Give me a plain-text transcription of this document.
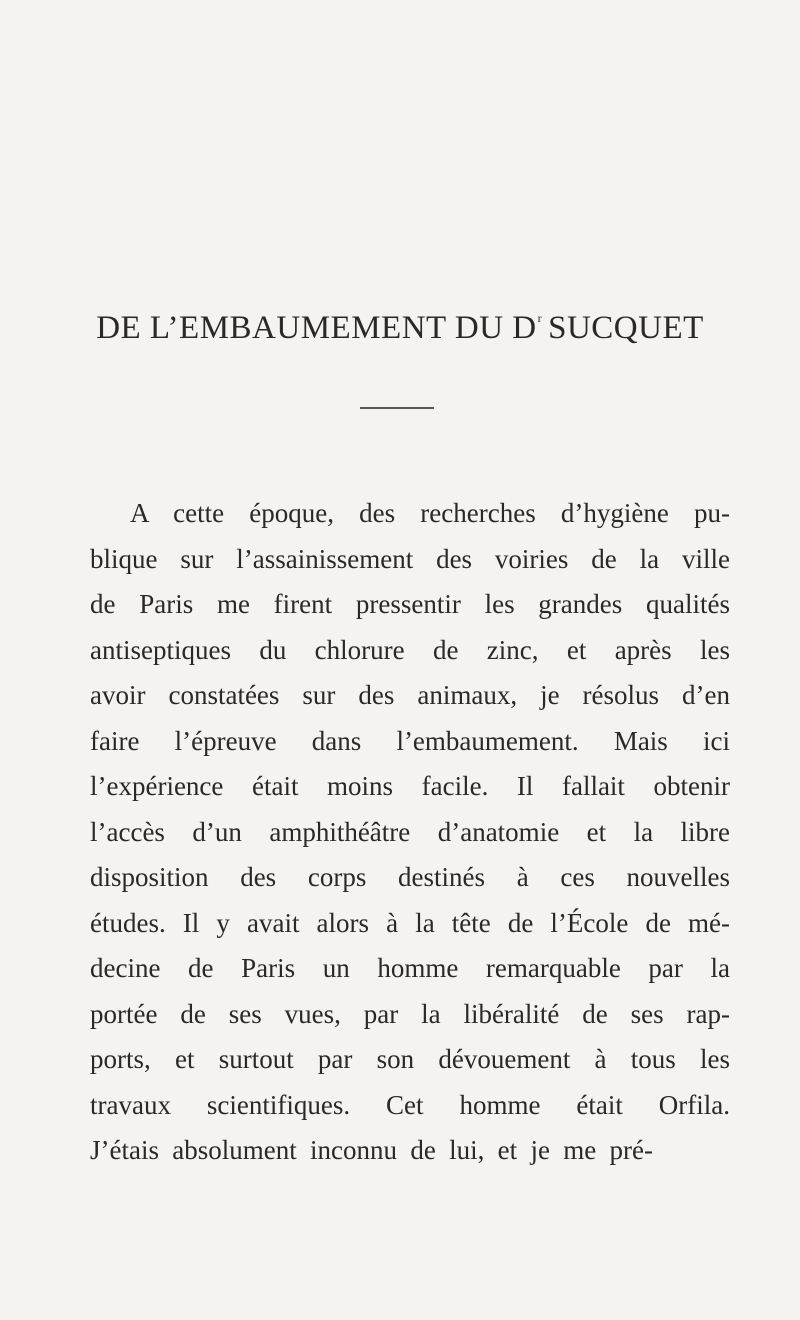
DE L’EMBAUMEMENT DU $D^r$ SUCQUET
A cette époque, des recherches d’hygiène pu-
blique sur l’assainissement des voiries de la ville
de Paris me firent pressentir les grandes qualités
antiseptiques du chlorure de zinc, et après les
avoir constatées sur des animaux, je résolus d’en
faire l’épreuve dans l’embaumement. Mais ici
l’expérience était moins facile. Il fallait obtenir
l’accès d’un amphithéâtre d’anatomie et la libre
disposition des corps destinés à ces nouvelles
études. Il y avait alors à la tête de l’École de mé-
decine de Paris un homme remarquable par la
portée de ses vues, par la libéralité de ses rap-
ports, et surtout par son dévouement à tous les
travaux scientifiques. Cet homme était Orfila.
J’étais absolument inconnu de lui, et je me pré-
